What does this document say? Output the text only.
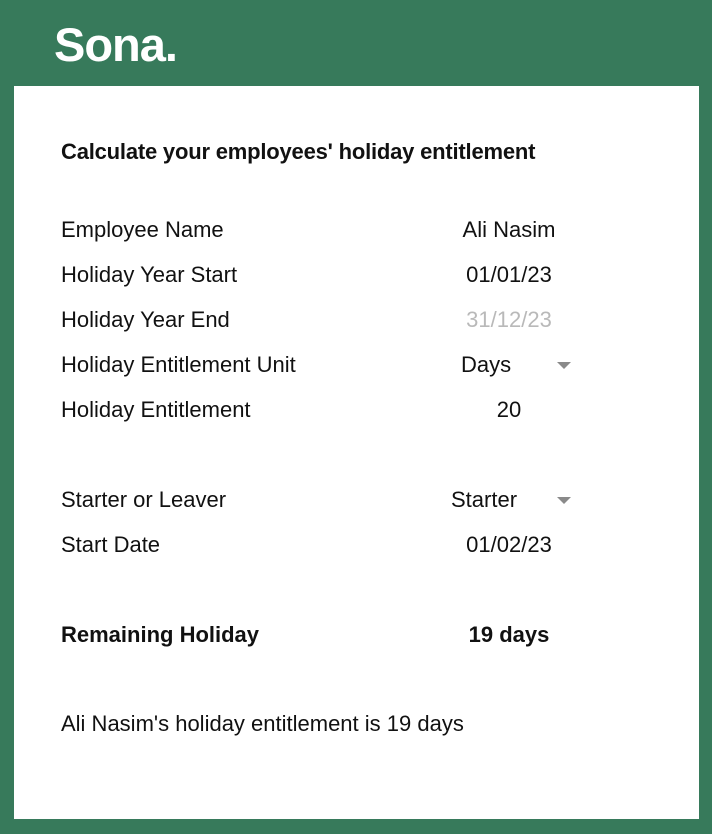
Sona.
Calculate your employees' holiday entitlement
Employee Name	Ali Nasim
Holiday Year Start	01/01/23
Holiday Year End	31/12/23
Holiday Entitlement Unit	Days
Holiday Entitlement	20
Starter or Leaver	Starter
Start Date	01/02/23
Remaining Holiday	19 days
Ali Nasim's holiday entitlement is 19 days
